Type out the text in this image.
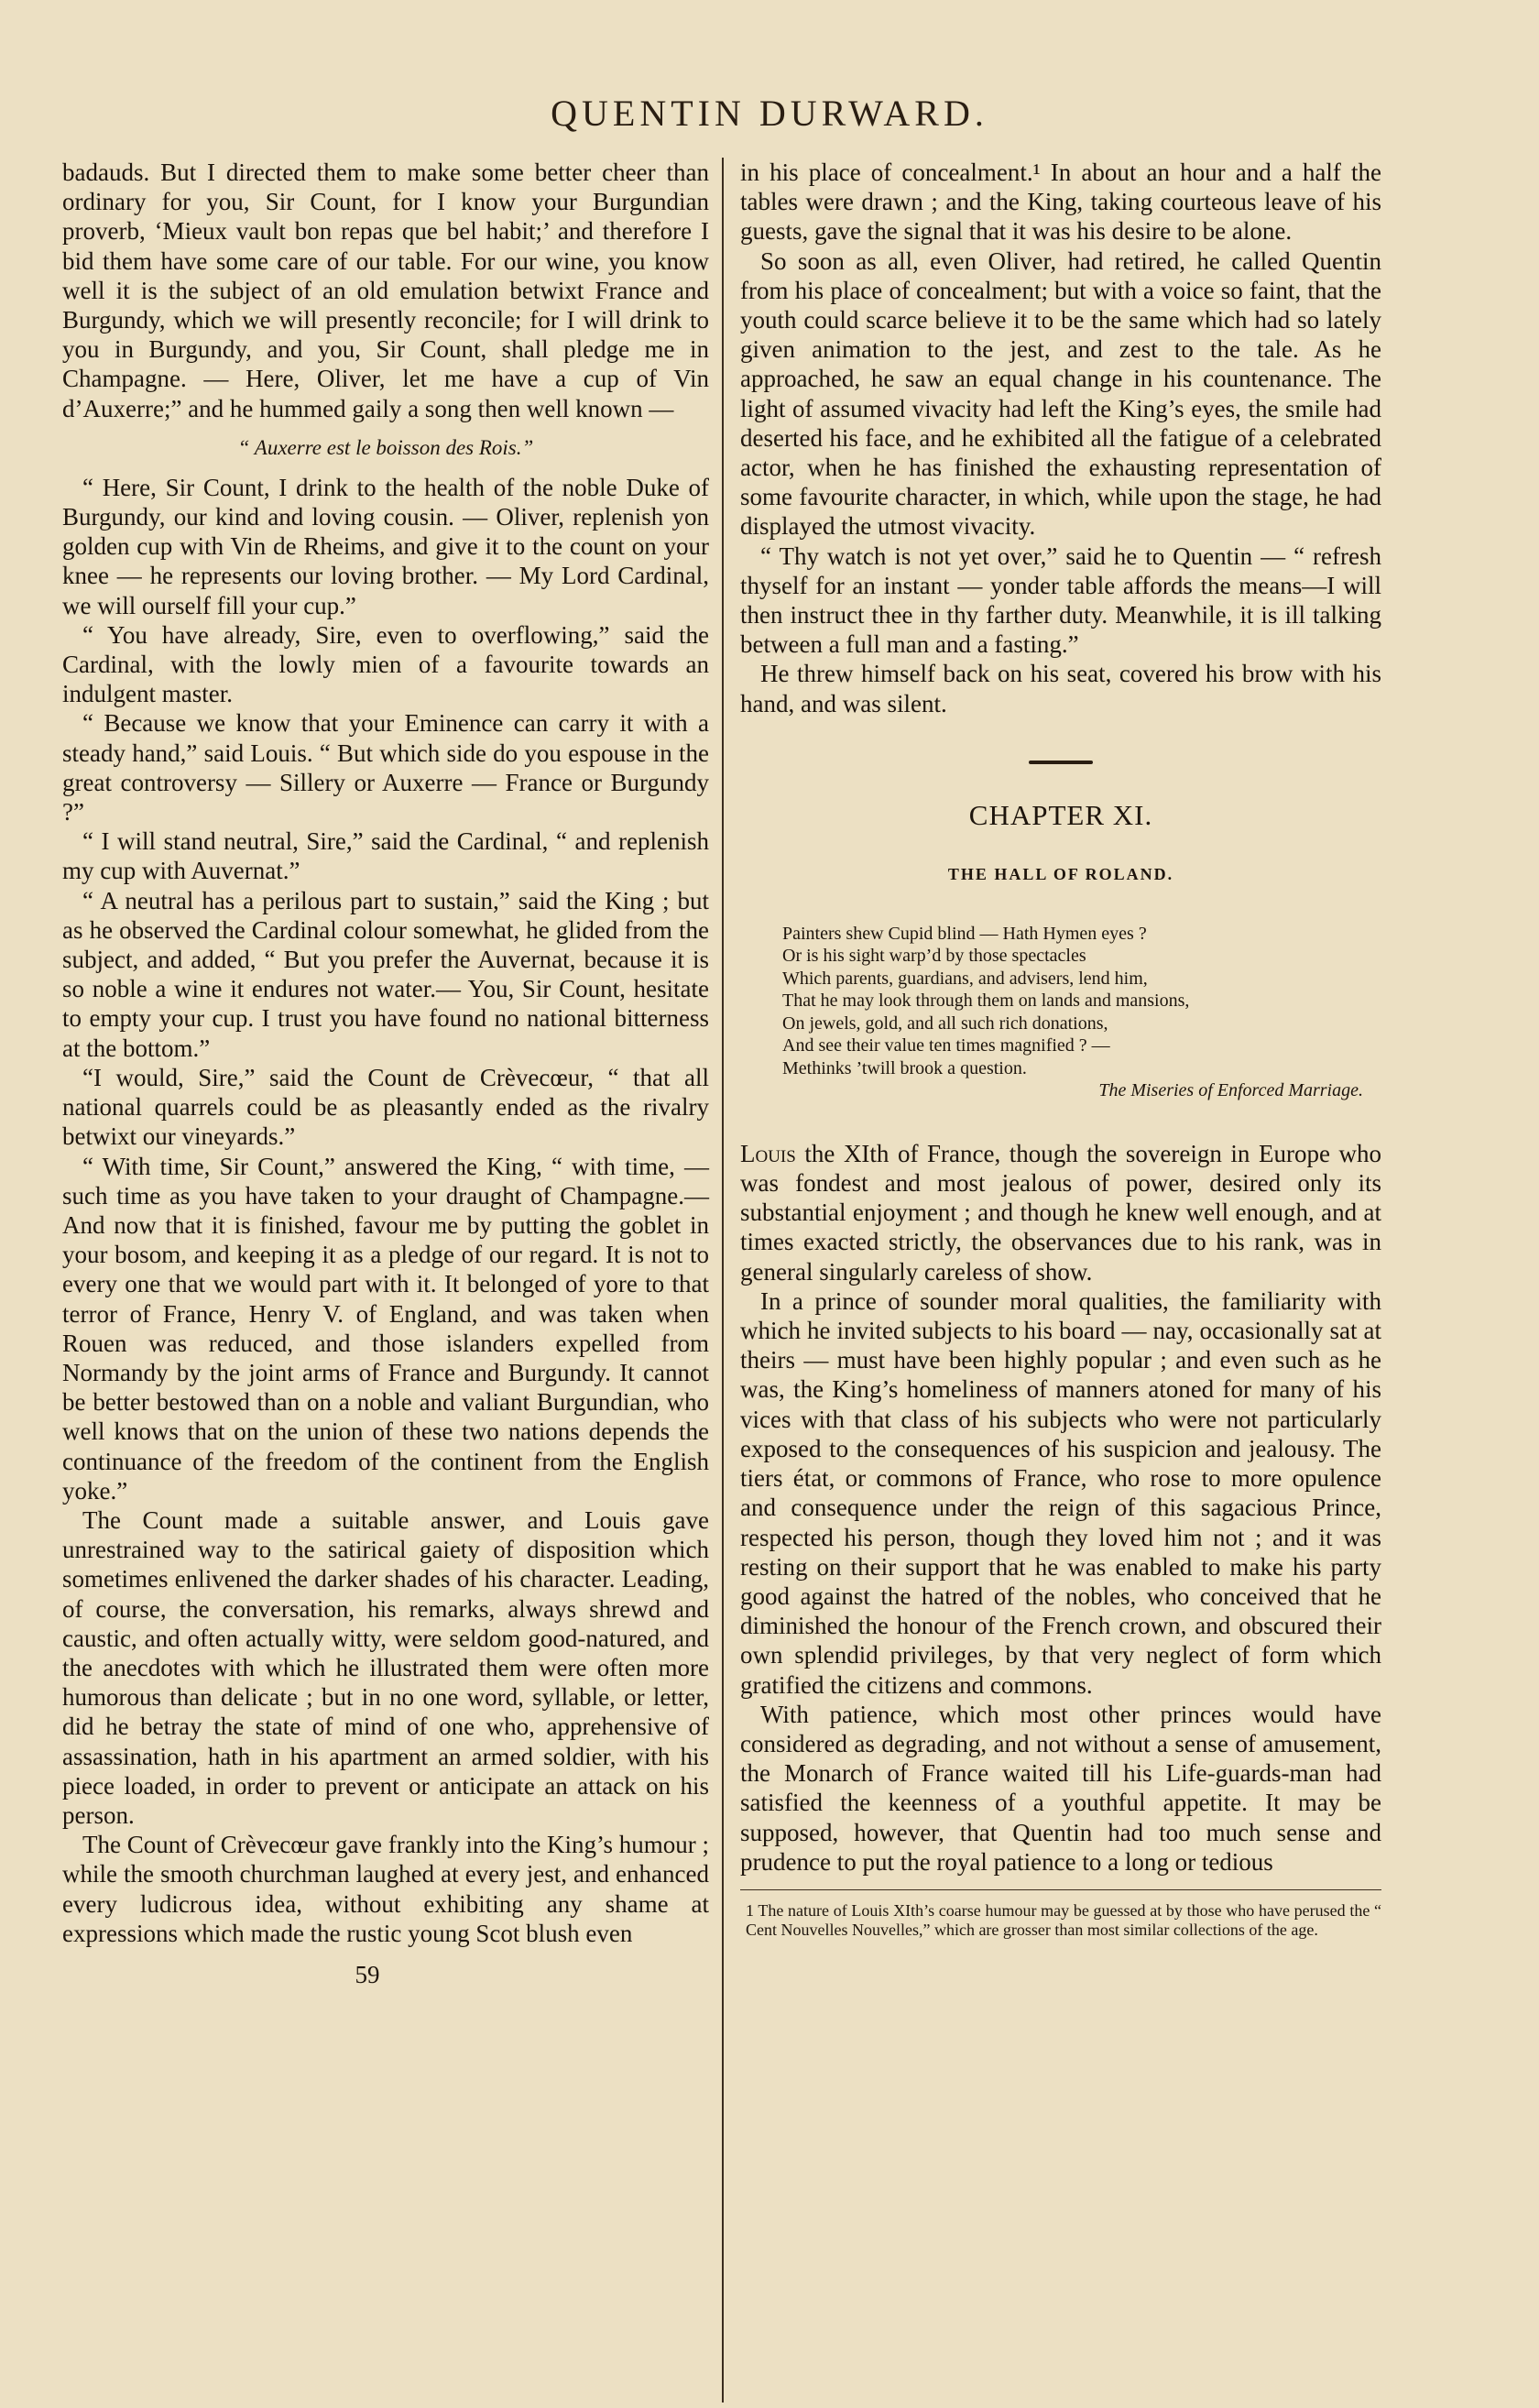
QUENTIN DURWARD.

badauds. But I directed them to make some better cheer than ordinary for you, Sir Count, for I know your Burgundian proverb, ‘Mieux vault bon repas que bel habit;’ and therefore I bid them have some care of our table. For our wine, you know well it is the subject of an old emulation betwixt France and Burgundy, which we will presently reconcile; for I will drink to you in Burgundy, and you, Sir Count, shall pledge me in Champagne. — Here, Oliver, let me have a cup of Vin d’Auxerre;” and he hummed gaily a song then well known —

“ Auxerre est le boisson des Rois.”

“ Here, Sir Count, I drink to the health of the noble Duke of Burgundy, our kind and loving cousin. — Oliver, replenish yon golden cup with Vin de Rheims, and give it to the count on your knee — he represents our loving brother. — My Lord Cardinal, we will ourself fill your cup.”

“ You have already, Sire, even to overflowing,” said the Cardinal, with the lowly mien of a favourite towards an indulgent master.

“ Because we know that your Eminence can carry it with a steady hand,” said Louis. “ But which side do you espouse in the great controversy — Sillery or Auxerre — France or Burgundy ?”

“ I will stand neutral, Sire,” said the Cardinal, “ and replenish my cup with Auvernat.”

“ A neutral has a perilous part to sustain,” said the King ; but as he observed the Cardinal colour somewhat, he glided from the subject, and added, “ But you prefer the Auvernat, because it is so noble a wine it endures not water.— You, Sir Count, hesitate to empty your cup. I trust you have found no national bitterness at the bottom.”

“I would, Sire,” said the Count de Crèvecœur, “ that all national quarrels could be as pleasantly ended as the rivalry betwixt our vineyards.”

“ With time, Sir Count,” answered the King, “ with time, — such time as you have taken to your draught of Champagne.— And now that it is finished, favour me by putting the goblet in your bosom, and keeping it as a pledge of our regard. It is not to every one that we would part with it. It belonged of yore to that terror of France, Henry V. of England, and was taken when Rouen was reduced, and those islanders expelled from Normandy by the joint arms of France and Burgundy. It cannot be better bestowed than on a noble and valiant Burgundian, who well knows that on the union of these two nations depends the continuance of the freedom of the continent from the English yoke.”

The Count made a suitable answer, and Louis gave unrestrained way to the satirical gaiety of disposition which sometimes enlivened the darker shades of his character. Leading, of course, the conversation, his remarks, always shrewd and caustic, and often actually witty, were seldom good-natured, and the anecdotes with which he illustrated them were often more humorous than delicate ; but in no one word, syllable, or letter, did he betray the state of mind of one who, apprehensive of assassination, hath in his apartment an armed soldier, with his piece loaded, in order to prevent or anticipate an attack on his person.

The Count of Crèvecœur gave frankly into the King’s humour ; while the smooth churchman laughed at every jest, and enhanced every ludicrous idea, without exhibiting any shame at expressions which made the rustic young Scot blush even

59

in his place of concealment.¹ In about an hour and a half the tables were drawn ; and the King, taking courteous leave of his guests, gave the signal that it was his desire to be alone.

So soon as all, even Oliver, had retired, he called Quentin from his place of concealment; but with a voice so faint, that the youth could scarce believe it to be the same which had so lately given animation to the jest, and zest to the tale. As he approached, he saw an equal change in his countenance. The light of assumed vivacity had left the King’s eyes, the smile had deserted his face, and he exhibited all the fatigue of a celebrated actor, when he has finished the exhausting representation of some favourite character, in which, while upon the stage, he had displayed the utmost vivacity.

“ Thy watch is not yet over,” said he to Quentin — “ refresh thyself for an instant — yonder table affords the means—I will then instruct thee in thy farther duty. Meanwhile, it is ill talking between a full man and a fasting.”

He threw himself back on his seat, covered his brow with his hand, and was silent.

CHAPTER XI.
THE HALL OF ROLAND.
Painters shew Cupid blind — Hath Hymen eyes ?
Or is his sight warp’d by those spectacles
Which parents, guardians, and advisers, lend him,
That he may look through them on lands and mansions,
On jewels, gold, and all such rich donations,
And see their value ten times magnified ? —
Methinks ’twill brook a question.
The Miseries of Enforced Marriage.

Louis the XIth of France, though the sovereign in Europe who was fondest and most jealous of power, desired only its substantial enjoyment ; and though he knew well enough, and at times exacted strictly, the observances due to his rank, was in general singularly careless of show.

In a prince of sounder moral qualities, the familiarity with which he invited subjects to his board — nay, occasionally sat at theirs — must have been highly popular ; and even such as he was, the King’s homeliness of manners atoned for many of his vices with that class of his subjects who were not particularly exposed to the consequences of his suspicion and jealousy. The tiers état, or commons of France, who rose to more opulence and consequence under the reign of this sagacious Prince, respected his person, though they loved him not ; and it was resting on their support that he was enabled to make his party good against the hatred of the nobles, who conceived that he diminished the honour of the French crown, and obscured their own splendid privileges, by that very neglect of form which gratified the citizens and commons.

With patience, which most other princes would have considered as degrading, and not without a sense of amusement, the Monarch of France waited till his Life-guards-man had satisfied the keenness of a youthful appetite. It may be supposed, however, that Quentin had too much sense and prudence to put the royal patience to a long or tedious

1 The nature of Louis XIth’s coarse humour may be guessed at by those who have perused the “ Cent Nouvelles Nouvelles,” which are grosser than most similar collections of the age.
